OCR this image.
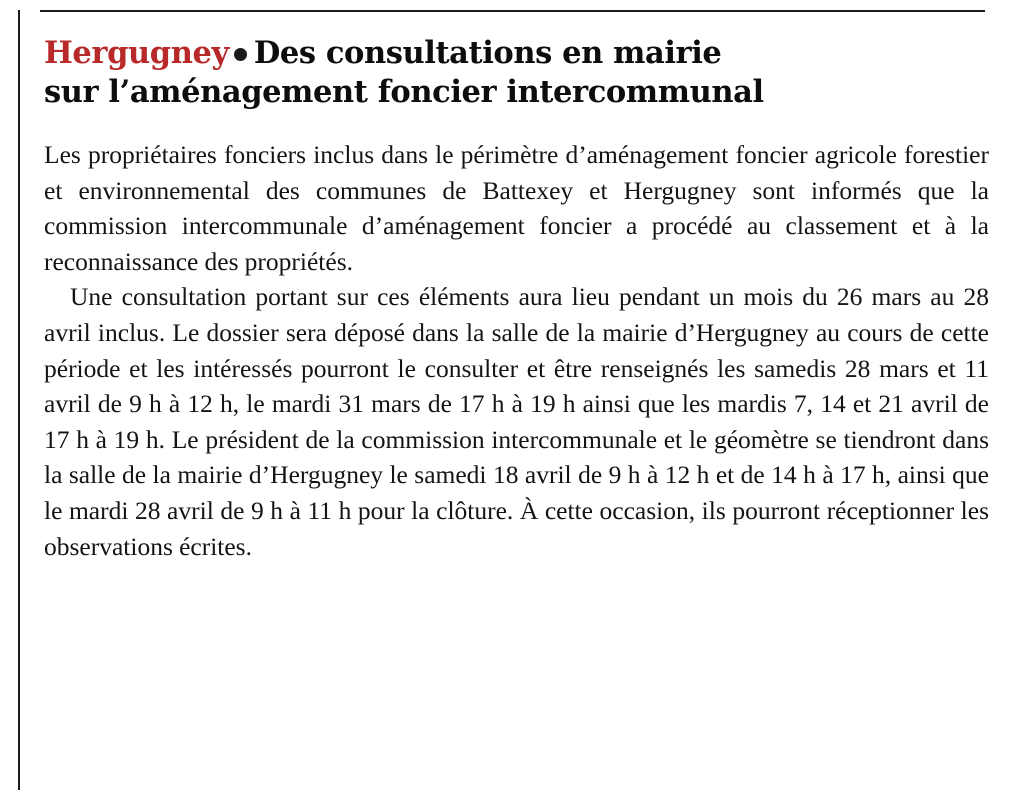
Hergugney Des consultations en mairie
sur l’aménagement foncier intercommunal

Les propriétaires fonciers inclus dans le périmètre d’aménagement foncier agricole forestier et environnemental des communes de Battexey et Hergugney sont informés que la commission intercommunale d’aménagement foncier a procédé au classement et à la reconnaissance des propriétés.

Une consultation portant sur ces éléments aura lieu pendant un mois du 26 mars au 28 avril inclus. Le dossier sera déposé dans la salle de la mairie d’Hergugney au cours de cette période et les intéressés pourront le consulter et être renseignés les samedis 28 mars et 11 avril de 9 h à 12 h, le mardi 31 mars de 17 h à 19 h ainsi que les mardis 7, 14 et 21 avril de 17 h à 19 h. Le président de la commission intercommunale et le géomètre se tiendront dans la salle de la mairie d’Hergugney le samedi 18 avril de 9 h à 12 h et de 14 h à 17 h, ainsi que le mardi 28 avril de 9 h à 11 h pour la clôture. À cette occasion, ils pourront réceptionner les observations écrites.
